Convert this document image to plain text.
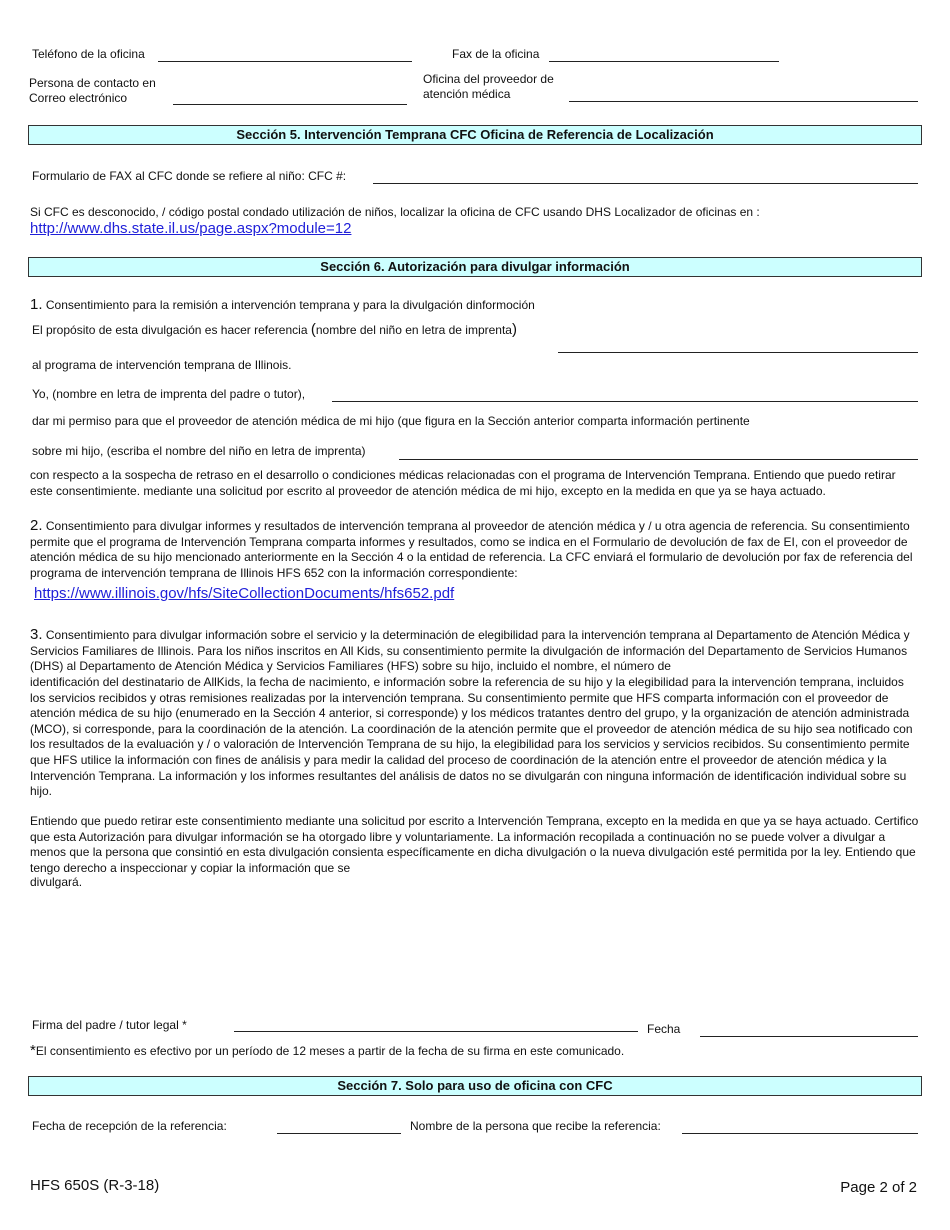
Teléfono de la oficina	Fax de la oficina
Persona de contacto en
Correo electrónico
Oficina del proveedor de
atención médica
Sección 5. Intervención Temprana CFC Oficina de Referencia de Localización
Formulario de FAX al CFC donde se refiere al niño: CFC #:
Si CFC es desconocido, / código postal condado utilización de niños, localizar la oficina de CFC usando DHS Localizador de oficinas en :
http://www.dhs.state.il.us/page.aspx?module=12
Sección 6. Autorización para divulgar información
1. Consentimiento para la remisión a intervención temprana y para la divulgación dinformoción
El propósito de esta divulgación es hacer referencia (nombre del niño en letra de imprenta)
al programa de intervención temprana de Illinois.
Yo, (nombre en letra de imprenta del padre o tutor),
dar mi permiso para que el proveedor de atención médica de mi hijo (que figura en la Sección anterior comparta información pertinente
sobre mi hijo, (escriba el nombre del niño en letra de imprenta)
con respecto a la sospecha de retraso en el desarrollo o condiciones médicas relacionadas con el programa de Intervención Temprana. Entiendo que puedo retirar este consentimiente. mediante una solicitud por escrito al proveedor de atención médica de mi hijo, excepto en la medida en que ya se haya actuado.
2. Consentimiento para divulgar informes y resultados de intervención temprana al proveedor de atención médica y / u otra agencia de referencia. Su consentimiento permite que el programa de Intervención Temprana comparta informes y resultados, como se indica en el Formulario de devolución de fax de EI, con el proveedor de atención médica de su hijo mencionado anteriormente en la Sección 4 o la entidad de referencia. La CFC enviará el formulario de devolución por fax de referencia del programa de intervención temprana de Illinois HFS 652 con la información correspondiente:
https://www.illinois.gov/hfs/SiteCollectionDocuments/hfs652.pdf
3. Consentimiento para divulgar información sobre el servicio y la determinación de elegibilidad para la intervención temprana al Departamento de Atención Médica y Servicios Familiares de Illinois. Para los niños inscritos en All Kids, su consentimiento permite la divulgación de información del Departamento de Servicios Humanos (DHS) al Departamento de Atención Médica y Servicios Familiares (HFS) sobre su hijo, incluido el nombre, el número de
identificación del destinatario de AllKids, la fecha de nacimiento, e información sobre la referencia de su hijo y la elegibilidad para la intervención temprana, incluidos los servicios recibidos y otras remisiones realizadas por la intervención temprana. Su consentimiento permite que HFS comparta información con el proveedor de atención médica de su hijo (enumerado en la Sección 4 anterior, si corresponde) y los médicos tratantes dentro del grupo, y la organización de atención administrada (MCO), si corresponde, para la coordinación de la atención. La coordinación de la atención permite que el proveedor de atención médica de su hijo sea notificado con los resultados de la evaluación y / o valoración de Intervención Temprana de su hijo, la elegibilidad para los servicios y servicios recibidos. Su consentimiento permite que HFS utilice la información con fines de análisis y para medir la calidad del proceso de coordinación de la atención entre el proveedor de atención médica y la Intervención Temprana. La información y los informes resultantes del análisis de datos no se divulgarán con ninguna información de identificación individual sobre su hijo.
Entiendo que puedo retirar este consentimiento mediante una solicitud por escrito a Intervención Temprana, excepto en la medida en que ya se haya actuado. Certifico que esta Autorización para divulgar información se ha otorgado libre y voluntariamente. La información recopilada a continuación no se puede volver a divulgar a menos que la persona que consintió en esta divulgación consienta específicamente en dicha divulgación o la nueva divulgación esté permitida por la ley. Entiendo que tengo derecho a inspeccionar y copiar la información que se
divulgará.
Firma del padre / tutor legal *	Fecha
*El consentimiento es efectivo por un período de 12 meses a partir de la fecha de su firma en este comunicado.
Sección 7. Solo para uso de oficina con CFC
Fecha de recepción de la referencia:	Nombre de la persona que recibe la referencia:
HFS 650S (R-3-18)	Page 2 of 2
